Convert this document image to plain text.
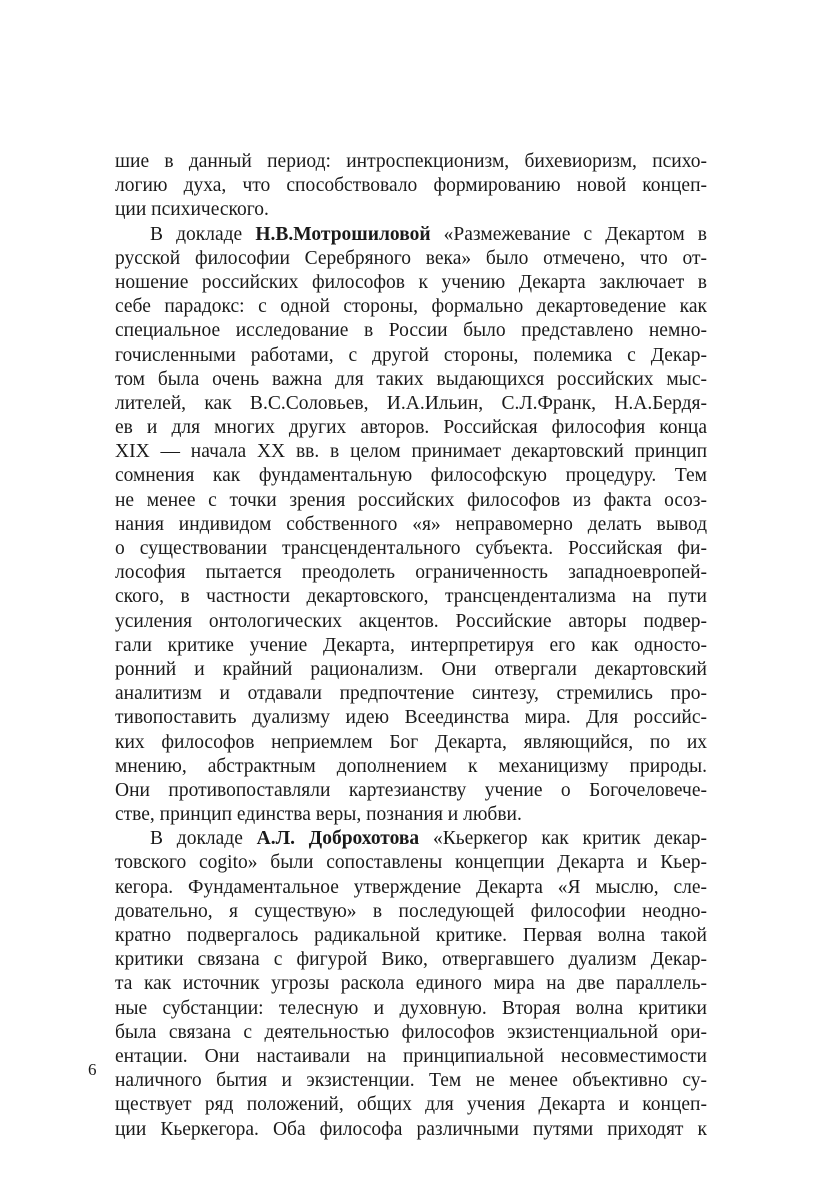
шие в данный период: интроспекционизм, бихевиоризм, психо-
логию духа, что способствовало формированию новой концеп-
ции психического.
В докладе Н.В.Мотрошиловой «Размежевание с Декартом в
русской философии Серебряного века» было отмечено, что от-
ношение российских философов к учению Декарта заключает в
себе парадокс: с одной стороны, формально декартоведение как
специальное исследование в России было представлено немно-
гочисленными работами, с другой стороны, полемика с Декар-
том была очень важна для таких выдающихся российских мыс-
лителей, как В.С.Соловьев, И.А.Ильин, С.Л.Франк, Н.А.Бердя-
ев и для многих других авторов. Российская философия конца
XIX — начала XX вв. в целом принимает декартовский принцип
сомнения как фундаментальную философскую процедуру. Тем
не менее с точки зрения российских философов из факта осоз-
нания индивидом собственного «я» неправомерно делать вывод
о существовании трансцендентального субъекта. Российская фи-
лософия пытается преодолеть ограниченность западноевропей-
ского, в частности декартовского, трансцендентализма на пути
усиления онтологических акцентов. Российские авторы подвер-
гали критике учение Декарта, интерпретируя его как односто-
ронний и крайний рационализм. Они отвергали декартовский
аналитизм и отдавали предпочтение синтезу, стремились про-
тивопоставить дуализму идею Всеединства мира. Для российс-
ких философов неприемлем Бог Декарта, являющийся, по их
мнению, абстрактным дополнением к механицизму природы.
Они противопоставляли картезианству учение о Богочеловече-
стве, принцип единства веры, познания и любви.
В докладе А.Л. Доброхотова «Кьеркегор как критик декар-
товского cogito» были сопоставлены концепции Декарта и Кьер-
кегора. Фундаментальное утверждение Декарта «Я мыслю, сле-
довательно, я существую» в последующей философии неодно-
кратно подвергалось радикальной критике. Первая волна такой
критики связана с фигурой Вико, отвергавшего дуализм Декар-
та как источник угрозы раскола единого мира на две параллель-
ные субстанции: телесную и духовную. Вторая волна критики
была связана с деятельностью философов экзистенциальной ори-
ентации. Они настаивали на принципиальной несовместимости
наличного бытия и экзистенции. Тем не менее объективно су-
ществует ряд положений, общих для учения Декарта и концеп-
ции Кьеркегора. Оба философа различными путями приходят к
6
